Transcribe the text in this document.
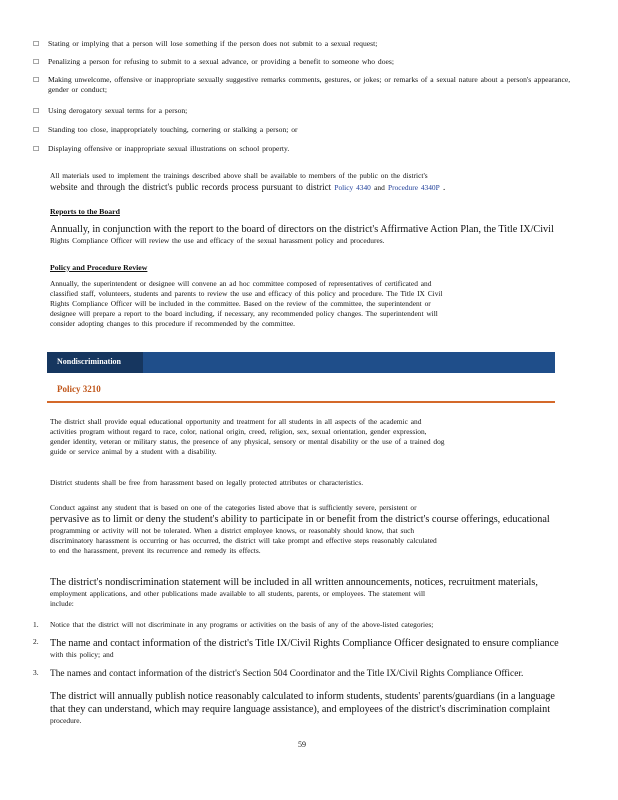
☐ Stating or implying that a person will lose something if the person does not submit to a sexual request;
☐ Penalizing a person for refusing to submit to a sexual advance, or providing a benefit to someone who does;
☐ Making unwelcome, offensive or inappropriate sexually suggestive remarks comments, gestures, or jokes; or remarks of a sexual nature about a person's appearance, gender or conduct;
☐ Using derogatory sexual terms for a person;
☐ Standing too close, inappropriately touching, cornering or stalking a person; or
☐ Displaying offensive or inappropriate sexual illustrations on school property.
All materials used to implement the trainings described above shall be available to members of the public on the district's
website and through the district's public records process pursuant to district Policy 4340 and Procedure 4340P .
Reports to the Board
Annually, in conjunction with the report to the board of directors on the district's Affirmative Action Plan, the Title IX/Civil
Rights Compliance Officer will review the use and efficacy of the sexual harassment policy and procedures.
Policy and Procedure Review
Annually, the superintendent or designee will convene an ad hoc committee composed of representatives of certificated and
classified staff, volunteers, students and parents to review the use and efficacy of this policy and procedure. The Title IX Civil
Rights Compliance Officer will be included in the committee. Based on the review of the committee, the superintendent or
designee will prepare a report to the board including, if necessary, any recommended policy changes. The superintendent will
consider adopting changes to this procedure if recommended by the committee.
Nondiscrimination
Policy 3210
The district shall provide equal educational opportunity and treatment for all students in all aspects of the academic and
activities program without regard to race, color, national origin, creed, religion, sex, sexual orientation, gender expression,
gender identity, veteran or military status, the presence of any physical, sensory or mental disability or the use of a trained dog
guide or service animal by a student with a disability.
District students shall be free from harassment based on legally protected attributes or characteristics.
Conduct against any student that is based on one of the categories listed above that is sufficiently severe, persistent or
pervasive as to limit or deny the student's ability to participate in or benefit from the district's course offerings, educational
programming or activity will not be tolerated. When a district employee knows, or reasonably should know, that such
discriminatory harassment is occurring or has occurred, the district will take prompt and effective steps reasonably calculated
to end the harassment, prevent its recurrence and remedy its effects.
The district's nondiscrimination statement will be included in all written announcements, notices, recruitment materials,
employment applications, and other publications made available to all students, parents, or employees. The statement will
include:
1. Notice that the district will not discriminate in any programs or activities on the basis of any of the above-listed categories;
2. The name and contact information of the district's Title IX/Civil Rights Compliance Officer designated to ensure compliance
with this policy; and
3. The names and contact information of the district's Section 504 Coordinator and the Title IX/Civil Rights Compliance Officer.
The district will annually publish notice reasonably calculated to inform students, students' parents/guardians (in a language
that they can understand, which may require language assistance), and employees of the district's discrimination complaint
procedure.
59
